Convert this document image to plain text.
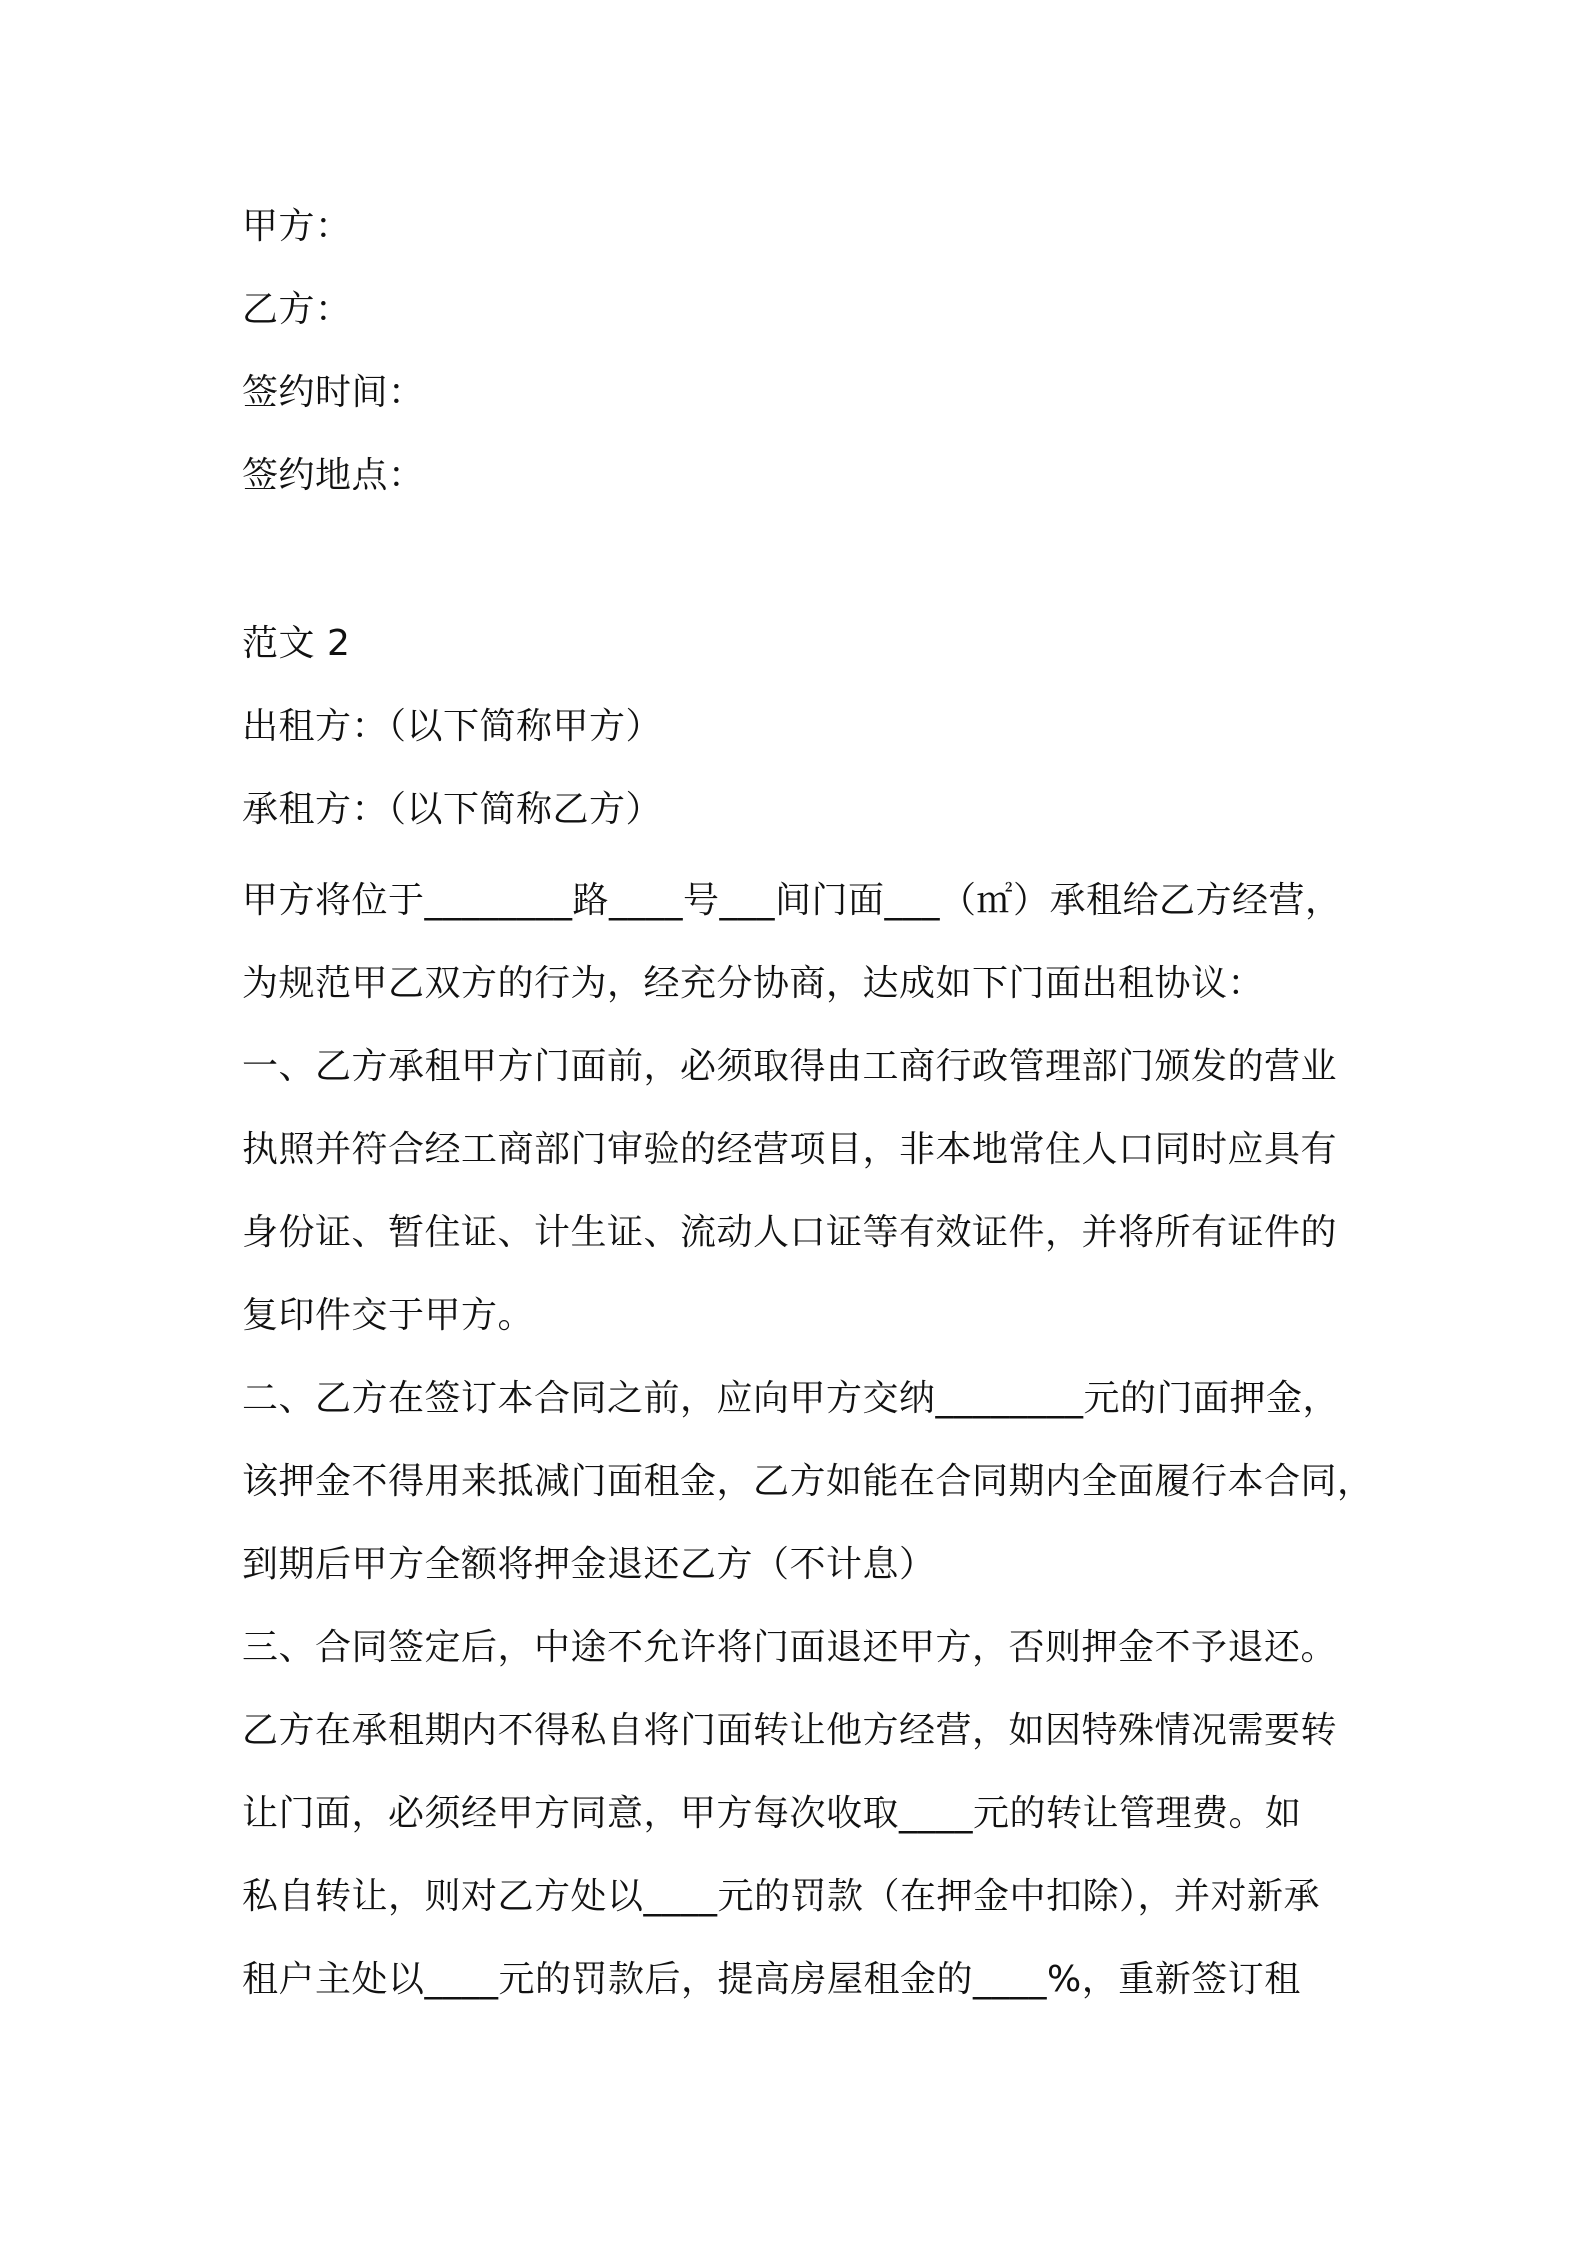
甲方：
乙方：
签约时间：
签约地点：
范文 2
出租方：（以下简称甲方）
承租方：（以下简称乙方）
甲方将位于________路____号___间门面___（㎡）承租给乙方经营，
为规范甲乙双方的行为，经充分协商，达成如下门面出租协议：
一、乙方承租甲方门面前，必须取得由工商行政管理部门颁发的营业
执照并符合经工商部门审验的经营项目，非本地常住人口同时应具有
身份证、暂住证、计生证、流动人口证等有效证件，并将所有证件的
复印件交于甲方。
二、乙方在签订本合同之前，应向甲方交纳________元的门面押金，
该押金不得用来抵减门面租金，乙方如能在合同期内全面履行本合同，
到期后甲方全额将押金退还乙方（不计息）
三、合同签定后，中途不允许将门面退还甲方，否则押金不予退还。
乙方在承租期内不得私自将门面转让他方经营，如因特殊情况需要转
让门面，必须经甲方同意，甲方每次收取____元的转让管理费。如
私自转让，则对乙方处以____元的罚款（在押金中扣除），并对新承
租户主处以____元的罚款后，提高房屋租金的____%，重新签订租
